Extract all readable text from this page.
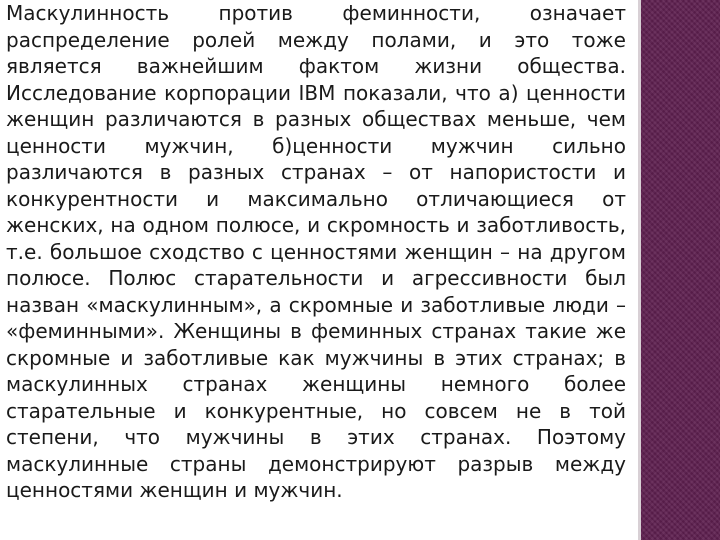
Маскулинность против феминности, означает
распределение ролей между полами, и это тоже
является важнейшим фактом жизни общества.
Исследование корпорации IBM показали, что а) ценности
женщин различаются в разных обществах меньше, чем
ценности мужчин, б)ценности мужчин сильно
различаются в разных странах – от напористости и
конкурентности и максимально отличающиеся от
женских, на одном полюсе, и скромность и заботливость,
т.е. большое сходство с ценностями женщин – на другом
полюсе. Полюс старательности и агрессивности был
назван «маскулинным», а скромные и заботливые люди –
«феминными». Женщины в феминных странах такие же
скромные и заботливые как мужчины в этих странах; в
маскулинных странах женщины немного более
старательные и конкурентные, но совсем не в той
степени, что мужчины в этих странах. Поэтому
маскулинные страны демонстрируют разрыв между
ценностями женщин и мужчин.
